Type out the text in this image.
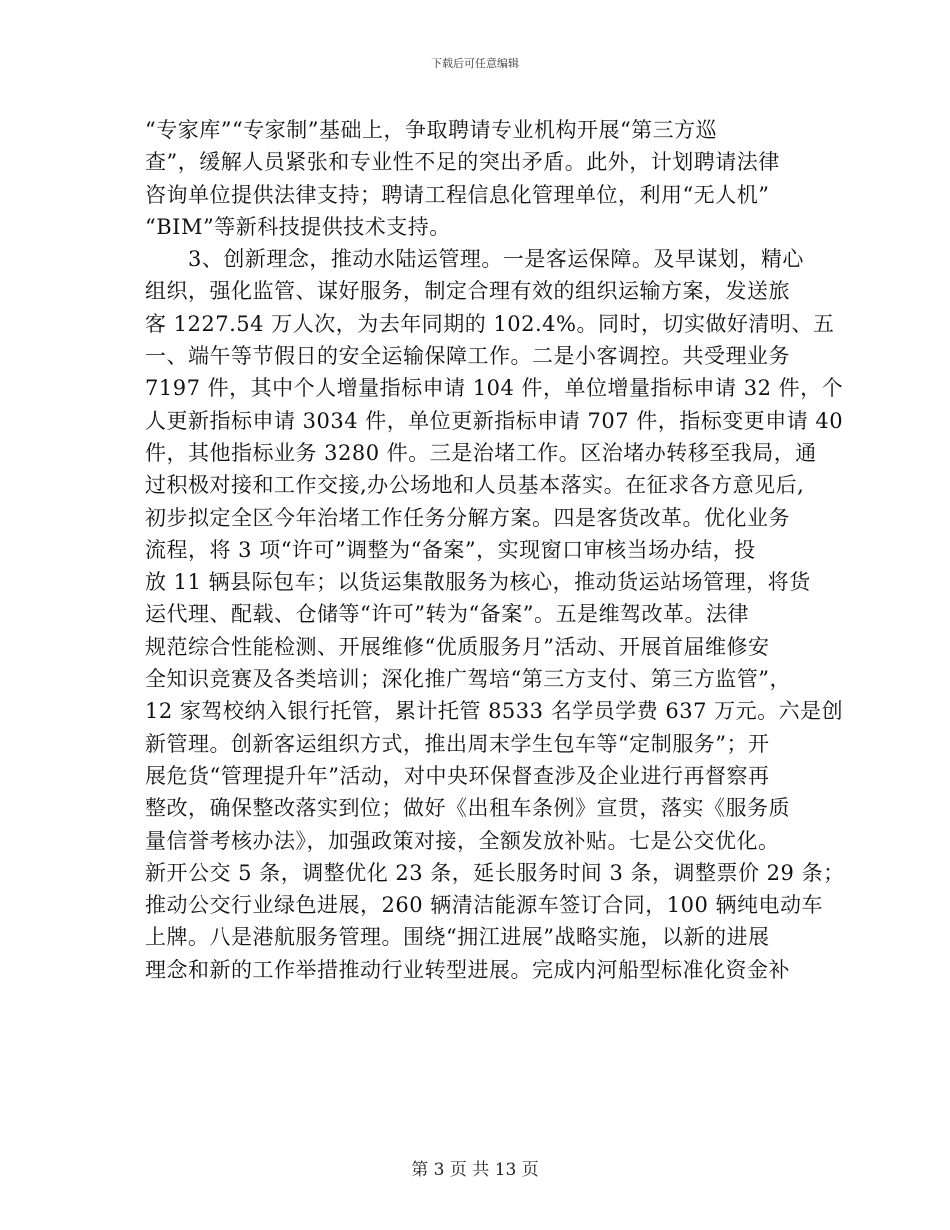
下载后可任意编辑
“专家库”“专家制”基础上，争取聘请专业机构开展“第三方巡
查”，缓解人员紧张和专业性不足的突出矛盾。此外，计划聘请法律
咨询单位提供法律支持；聘请工程信息化管理单位，利用“无人机”
“BIM”等新科技提供技术支持。
　　3、创新理念，推动水陆运管理。一是客运保障。及早谋划，精心
组织，强化监管、谋好服务，制定合理有效的组织运输方案，发送旅
客 1227.54 万人次，为去年同期的 102.4%。同时，切实做好清明、五
一、端午等节假日的安全运输保障工作。二是小客调控。共受理业务
7197 件，其中个人增量指标申请 104 件，单位增量指标申请 32 件，个
人更新指标申请 3034 件，单位更新指标申请 707 件，指标变更申请 40
件，其他指标业务 3280 件。三是治堵工作。区治堵办转移至我局，通
过积极对接和工作交接,办公场地和人员基本落实。在征求各方意见后,
初步拟定全区今年治堵工作任务分解方案。四是客货改革。优化业务
流程，将 3 项“许可”调整为“备案”，实现窗口审核当场办结，投
放 11 辆县际包车；以货运集散服务为核心，推动货运站场管理，将货
运代理、配载、仓储等“许可”转为“备案”。五是维驾改革。法律
规范综合性能检测、开展维修“优质服务月”活动、开展首届维修安
全知识竞赛及各类培训；深化推广驾培“第三方支付、第三方监管”，
12 家驾校纳入银行托管，累计托管 8533 名学员学费 637 万元。六是创
新管理。创新客运组织方式，推出周末学生包车等“定制服务”；开
展危货“管理提升年”活动，对中央环保督查涉及企业进行再督察再
整改，确保整改落实到位；做好《出租车条例》宣贯，落实《服务质
量信誉考核办法》，加强政策对接，全额发放补贴。七是公交优化。
新开公交 5 条，调整优化 23 条，延长服务时间 3 条，调整票价 29 条；
推动公交行业绿色进展，260 辆清洁能源车签订合同，100 辆纯电动车
上牌。八是港航服务管理。围绕“拥江进展”战略实施，以新的进展
理念和新的工作举措推动行业转型进展。完成内河船型标准化资金补
第 3 页 共 13 页
